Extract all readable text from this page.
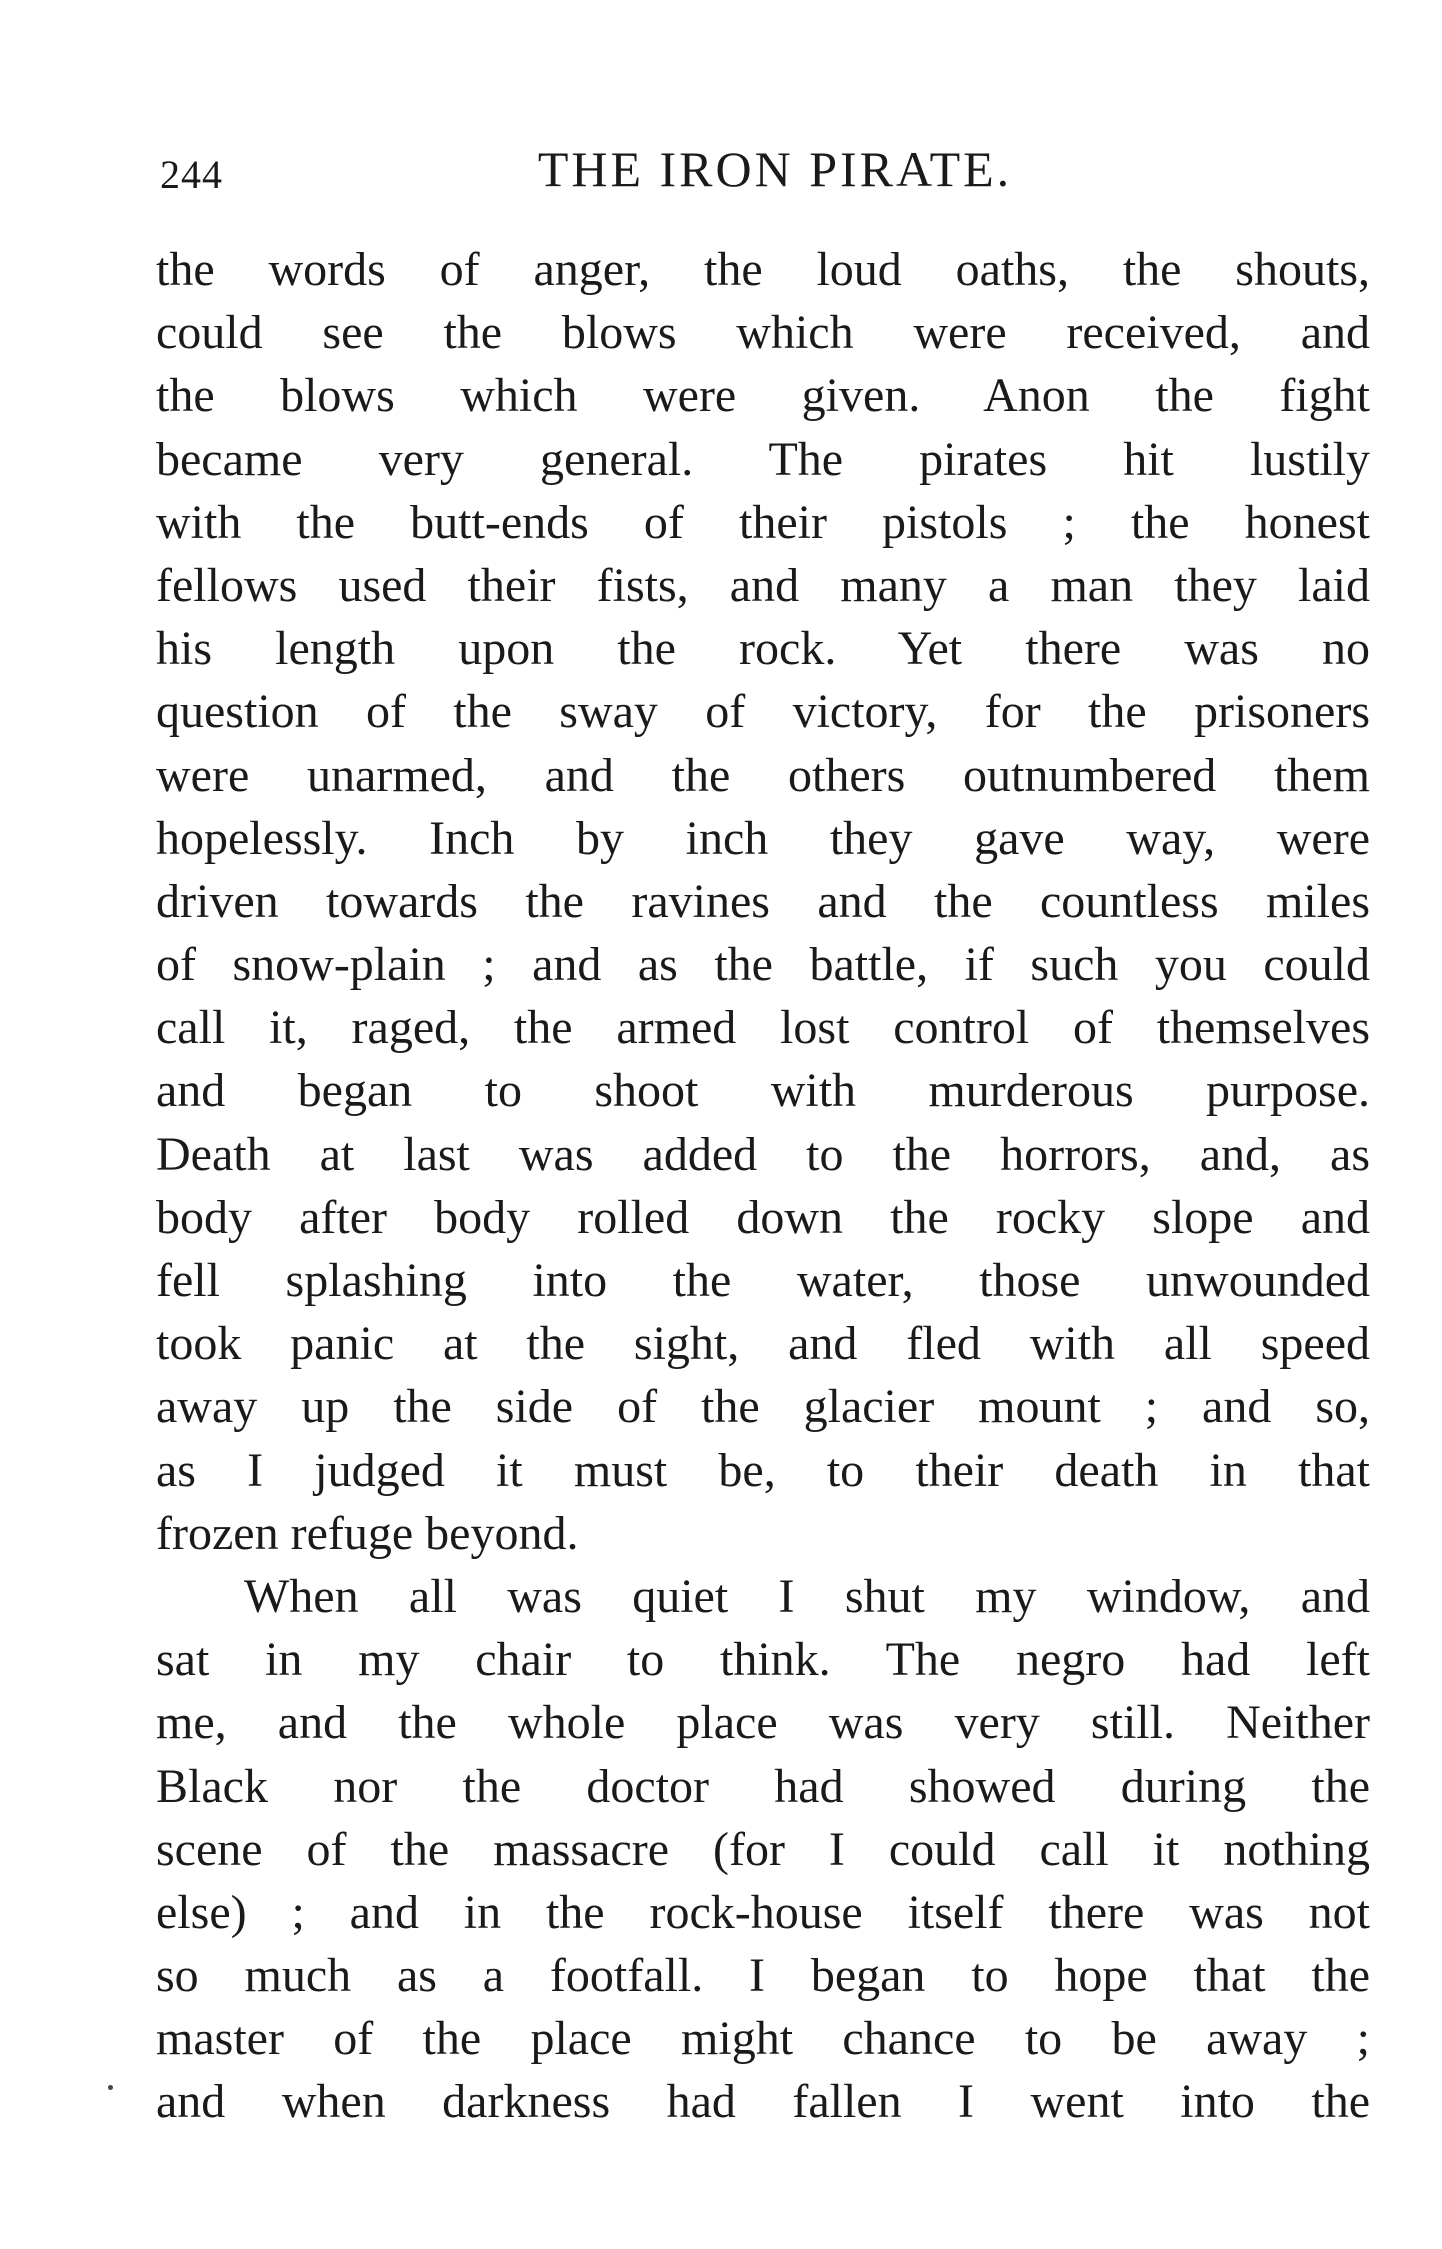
244	THE IRON PIRATE.
the words of anger, the loud oaths, the shouts,
could see the blows which were received, and
the blows which were given. Anon the fight
became very general. The pirates hit lustily
with the butt-ends of their pistols ; the honest
fellows used their fists, and many a man they laid
his length upon the rock. Yet there was no
question of the sway of victory, for the prisoners
were unarmed, and the others outnumbered them
hopelessly. Inch by inch they gave way, were
driven towards the ravines and the countless miles
of snow-plain ; and as the battle, if such you could
call it, raged, the armed lost control of themselves
and began to shoot with murderous purpose.
Death at last was added to the horrors, and, as
body after body rolled down the rocky slope and
fell splashing into the water, those unwounded
took panic at the sight, and fled with all speed
away up the side of the glacier mount ; and so,
as I judged it must be, to their death in that
frozen refuge beyond.
When all was quiet I shut my window, and
sat in my chair to think. The negro had left
me, and the whole place was very still. Neither
Black nor the doctor had showed during the
scene of the massacre (for I could call it nothing
else) ; and in the rock-house itself there was not
so much as a footfall. I began to hope that the
master of the place might chance to be away ;
and when darkness had fallen I went into the
